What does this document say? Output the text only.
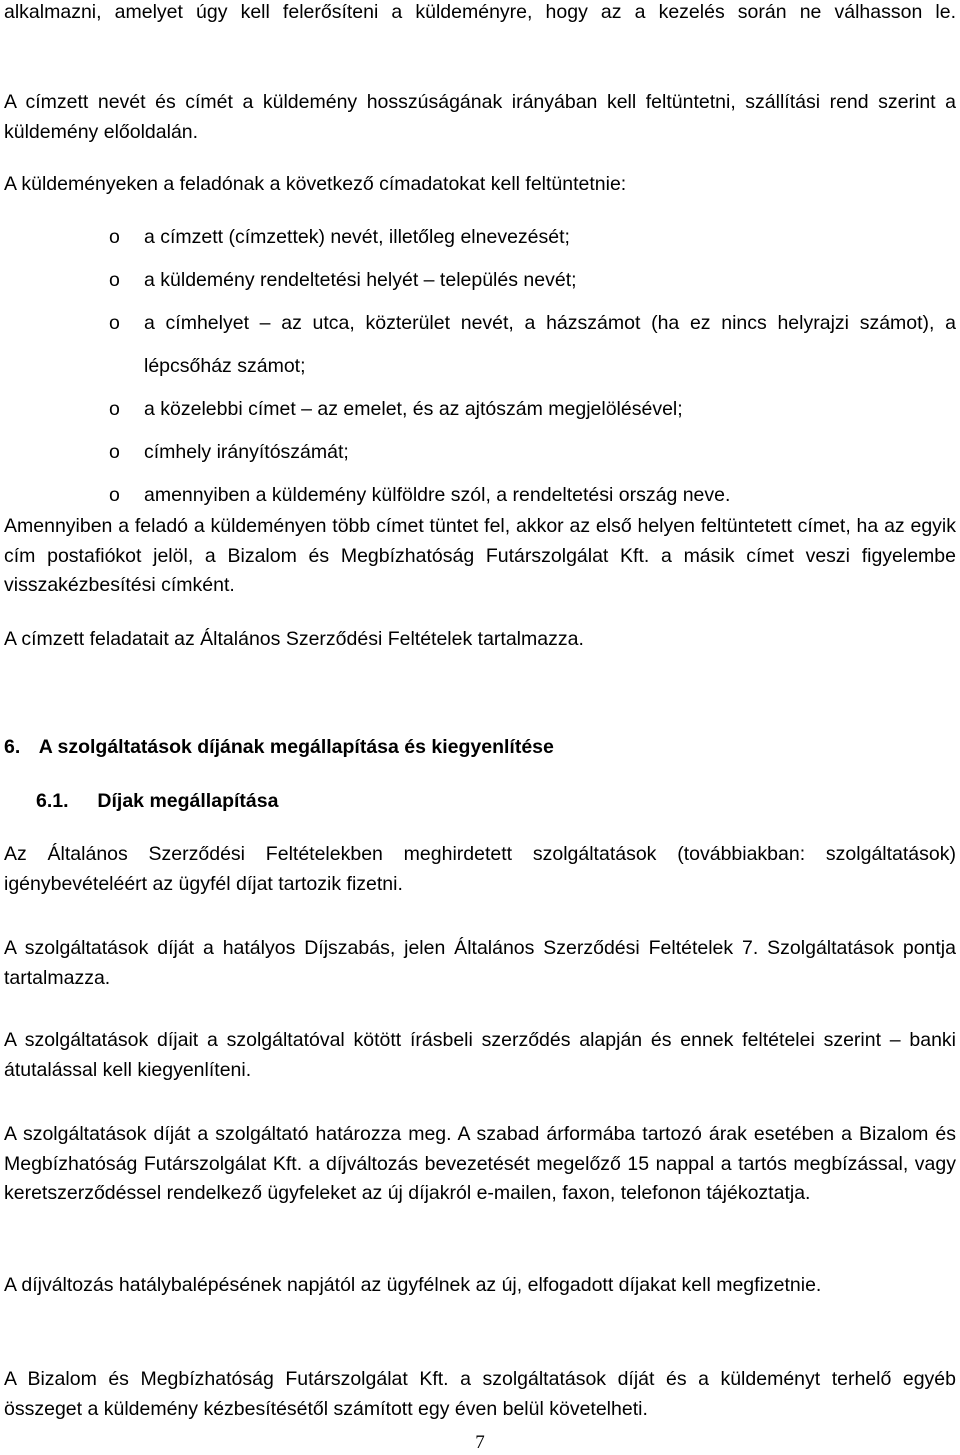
alkalmazni, amelyet úgy kell felerősíteni a küldeményre, hogy az a kezelés során ne válhasson le.

A címzett nevét és címét a küldemény hosszúságának irányában kell feltüntetni, szállítási rend szerint a küldemény előoldalán.

A küldeményeken a feladónak a következő címadatokat kell feltüntetnie:

o a címzett (címzettek) nevét, illetőleg elnevezését;
o a küldemény rendeltetési helyét – település nevét;
o a címhelyet – az utca, közterület nevét, a házszámot (ha ez nincs helyrajzi számot), a lépcsőház számot;
o a közelebbi címet – az emelet, és az ajtószám megjelölésével;
o címhely irányítószámát;
o amennyiben a küldemény külföldre szól, a rendeltetési ország neve.

Amennyiben a feladó a küldeményen több címet tüntet fel, akkor az első helyen feltüntetett címet, ha az egyik cím postafiókot jelöl, a Bizalom és Megbízhatóság Futárszolgálat Kft. a másik címet veszi figyelembe visszakézbesítési címként.

A címzett feladatait az Általános Szerződési Feltételek tartalmazza.

6. A szolgáltatások díjának megállapítása és kiegyenlítése
6.1. Díjak megállapítása

Az Általános Szerződési Feltételekben meghirdetett szolgáltatások (továbbiakban: szolgáltatások) igénybevételéért az ügyfél díjat tartozik fizetni.

A szolgáltatások díját a hatályos Díjszabás, jelen Általános Szerződési Feltételek 7. Szolgáltatások pontja tartalmazza.

A szolgáltatások díjait a szolgáltatóval kötött írásbeli szerződés alapján és ennek feltételei szerint – banki átutalással kell kiegyenlíteni.

A szolgáltatások díját a szolgáltató határozza meg. A szabad árformába tartozó árak esetében a Bizalom és Megbízhatóság Futárszolgálat Kft. a díjváltozás bevezetését megelőző 15 nappal a tartós megbízással, vagy keretszerződéssel rendelkező ügyfeleket az új díjakról e-mailen, faxon, telefonon tájékoztatja.

A díjváltozás hatálybalépésének napjától az ügyfélnek az új, elfogadott díjakat kell megfizetnie.

A Bizalom és Megbízhatóság Futárszolgálat Kft. a szolgáltatások díját és a küldeményt terhelő egyéb összeget a küldemény kézbesítésétől számított egy éven belül követelheti.

7
